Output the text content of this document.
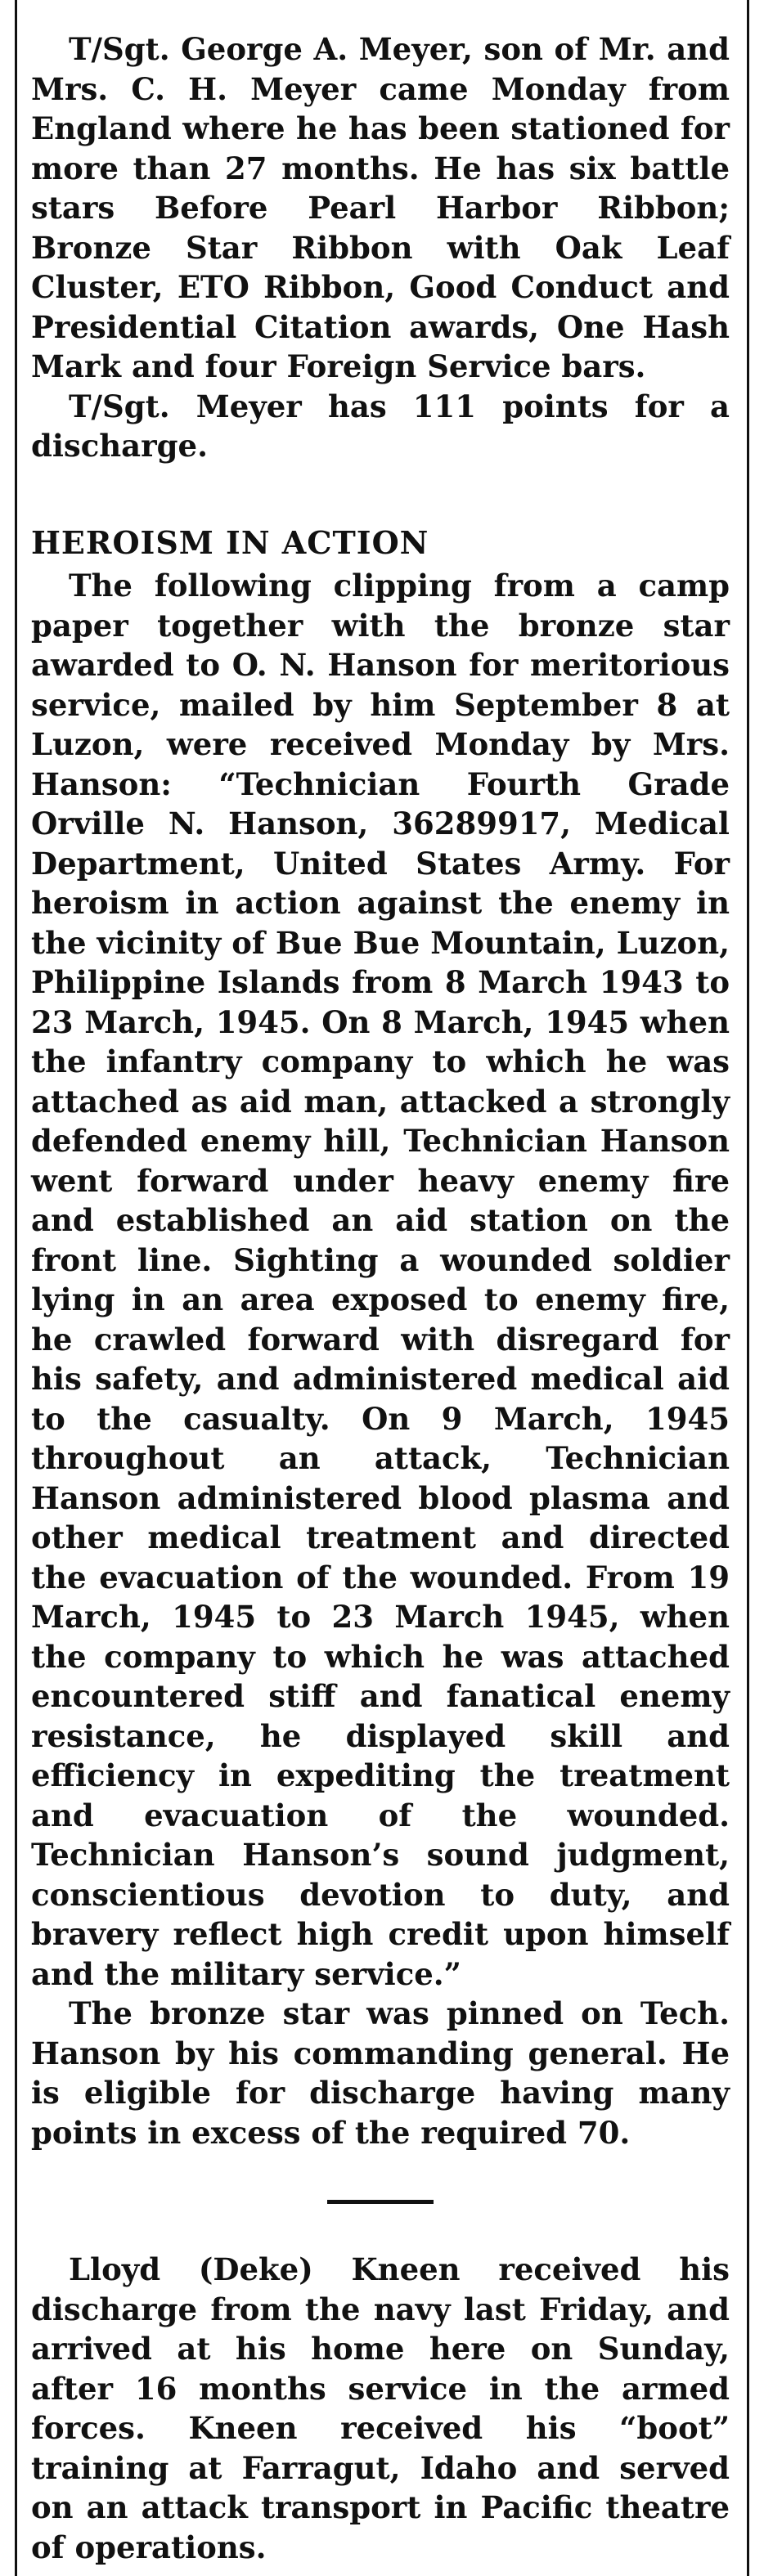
T/Sgt. George A. Meyer, son of Mr. and Mrs. C. H. Meyer came Monday from England where he has been stationed for more than 27 months. He has six battle stars Before Pearl Harbor Ribbon; Bronze Star Ribbon with Oak Leaf Cluster, ETO Ribbon, Good Conduct and Presidential Citation awards, One Hash Mark and four Foreign Service bars.

T/Sgt. Meyer has 111 points for a discharge.

HEROISM IN ACTION

The following clipping from a camp paper together with the bronze star awarded to O. N. Hanson for meritorious service, mailed by him September 8 at Luzon, were received Monday by Mrs. Hanson: “Technician Fourth Grade Orville N. Hanson, 36289917, Medical Department, United States Army. For heroism in action against the enemy in the vicinity of Bue Bue Mountain, Luzon, Philippine Islands from 8 March 1943 to 23 March, 1945. On 8 March, 1945 when the infantry company to which he was attached as aid man, attacked a strongly defended enemy hill, Technician Hanson went forward under heavy enemy fire and established an aid station on the front line. Sighting a wounded soldier lying in an area exposed to enemy fire, he crawled forward with disregard for his safety, and administered medical aid to the casualty. On 9 March, 1945 throughout an attack, Technician Hanson administered blood plasma and other medical treatment and directed the evacuation of the wounded. From 19 March, 1945 to 23 March 1945, when the company to which he was attached encountered stiff and fanatical enemy resistance, he displayed skill and efficiency in expediting the treatment and evacuation of the wounded. Technician Hanson’s sound judgment, conscientious devotion to duty, and bravery reflect high credit upon himself and the military service.”

The bronze star was pinned on Tech. Hanson by his commanding general. He is eligible for discharge having many points in excess of the required 70.

Lloyd (Deke) Kneen received his discharge from the navy last Friday, and arrived at his home here on Sunday, after 16 months service in the armed forces. Kneen received his “boot” training at Farragut, Idaho and served on an attack transport in Pacific theatre of operations.
